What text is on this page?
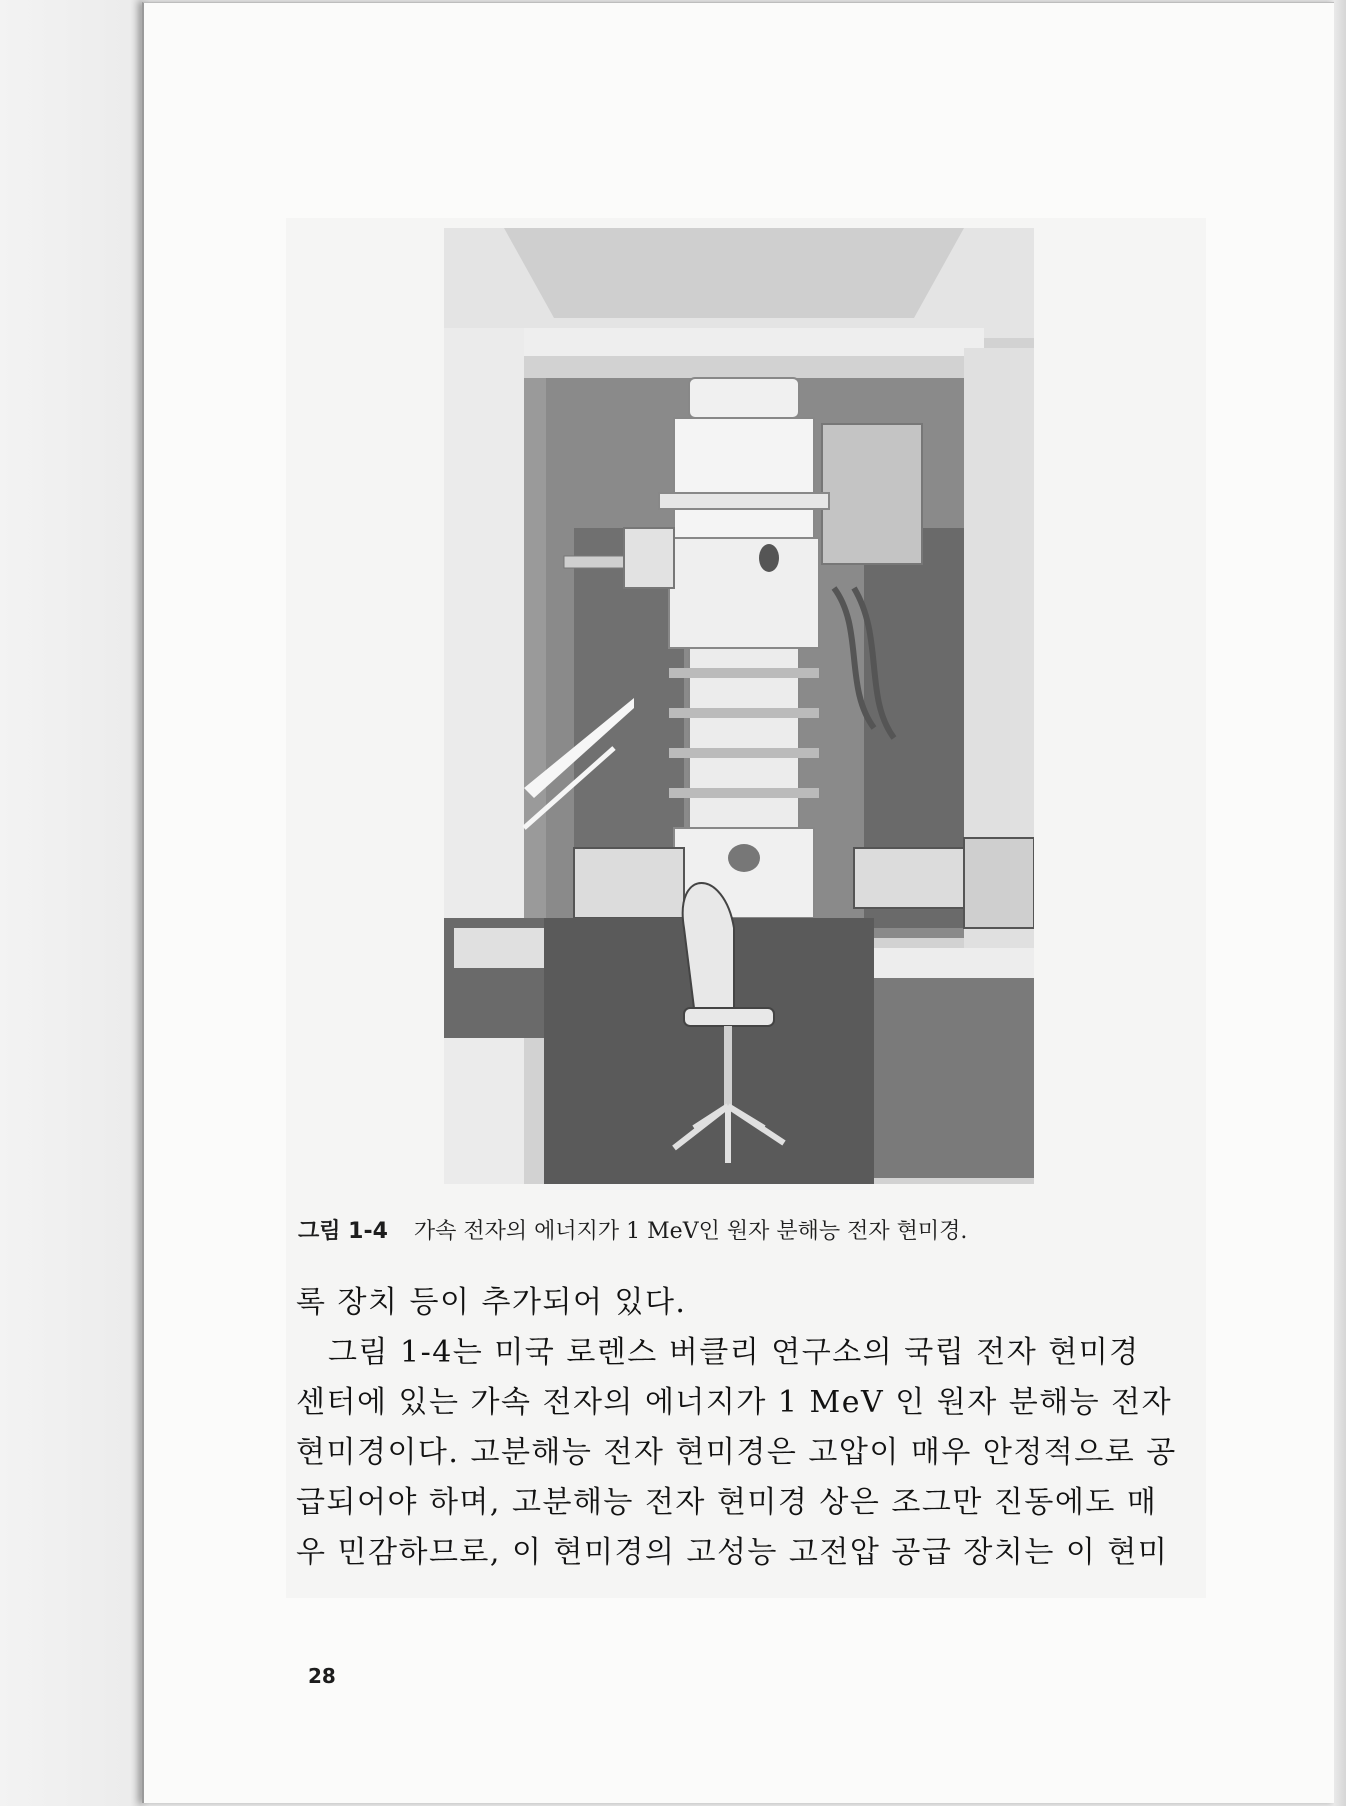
그림 1-4 가속 전자의 에너지가 1 MeV인 원자 분해능 전자 현미경.

록 장치 등이 추가되어 있다.

그림 1-4는 미국 로렌스 버클리 연구소의 국립 전자 현미경

센터에 있는 가속 전자의 에너지가 1 MeV 인 원자 분해능 전자

현미경이다. 고분해능 전자 현미경은 고압이 매우 안정적으로 공

급되어야 하며, 고분해능 전자 현미경 상은 조그만 진동에도 매

우 민감하므로, 이 현미경의 고성능 고전압 공급 장치는 이 현미

28
